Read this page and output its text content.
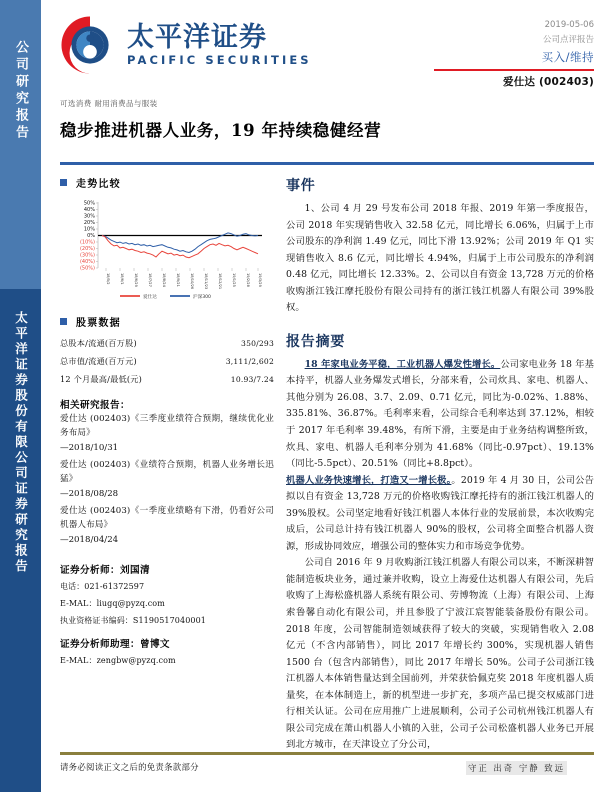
公司研究报告
太平洋证券股份有限公司证券研究报告
太平洋证券
PACIFIC SECURITIES
2019-05-06
公司点评报告
买入/维持
爱仕达 (002403)
可选消费 耐用消费品与服装
稳步推进机器人业务，19 年持续稳健经营
走势比较
50%
40%
30%
20%
10%
0%
(10%)
(20%)
(30%)
(40%)
(50%)
18/5/2	18/6/1	18/6/29	18/7/27	18/8/24	18/9/21	18/10/26	18/11/23	18/12/21	19/1/25	19/2/28 19/3/29
爱仕达	沪深300
股票数据
总股本/流通(百万股)	350/293
总市值/流通(百万元)	3,111/2,602
12 个月最高/最低(元)	10.93/7.24
相关研究报告：
爱仕达 (002403)《三季度业绩符合预期，继续优化业务布局》
—2018/10/31
爱仕达 (002403)《业绩符合预期，机器人业务增长迅猛》
—2018/08/28
爱仕达 (002403)《一季度业绩略有下滑，仍看好公司机器人布局》
—2018/04/24
证券分析师：刘国清
电话：021-61372597
E-MAL：liugq@pyzq.com
执业资格证书编码：S1190517040001
证券分析师助理：曾博文
E-MAL：zengbw@pyzq.com
事件
1、公司 4 月 29 号发布公司 2018 年报、2019 年第一季度报告，公司 2018 年实现销售收入 32.58 亿元，同比增长 6.06%，归属于上市公司股东的净利润 1.49 亿元，同比下滑 13.92%；公司 2019 年 Q1 实现销售收入 8.6 亿元，同比增长 4.94%，归属于上市公司股东的净利润 0.48 亿元，同比增长 12.33%。2、公司以自有资金 13,728 万元的价格收购浙江钱江摩托股份有限公司持有的浙江钱江机器人有限公司 39%股权。
报告摘要
18 年家电业务平稳，工业机器人爆发性增长。公司家电业务 18 年基本持平，机器人业务爆发式增长，分部来看，公司炊具、家电、机器人、其他分别为 26.08、3.7、2.09、0.71 亿元，同比为-0.02%、1.88%、335.81%、36.87%。毛利率来看，公司综合毛利率达到 37.12%，相较于 2017 年毛利率 39.48%，有所下滑，主要是由于业务结构调整所致，炊具、家电、机器人毛利率分别为 41.68%（同比-0.97pct）、19.13%（同比-5.5pct）、20.51%（同比+8.8pct）。
机器人业务快速增长，打造又一增长极。。2019 年 4 月 30 日，公司公告拟以自有资金 13,728 万元的价格收购钱江摩托持有的浙江钱江机器人的 39%股权。公司坚定地看好钱江机器人本体行业的发展前景，本次收购完成后，公司总计持有钱江机器人 90%的股权，公司将全面整合机器人资源，形成协同效应，增强公司的整体实力和市场竞争优势。
公司自 2016 年 9 月收购浙江钱江机器人有限公司以来，不断深耕智能制造板块业务，通过兼并收购，设立上海爱仕达机器人有限公司，先后收购了上海松盛机器人系统有限公司、劳博物流（上海）有限公司、上海索鲁馨自动化有限公司，并且参股了宁波江宸智能装备股份有限公司。2018 年度，公司智能制造领域获得了较大的突破，实现销售收入 2.08 亿元（不含内部销售），同比 2017 年增长约 300%，实现机器人销售 1500 台（包含内部销售），同比 2017 年增长 50%。公司子公司浙江钱江机器人本体销售量达到全国前列，并荣获恰佩克奖 2018 年度机器人质量奖，在本体制造上，新的机型进一步扩充，多项产品已提交权威部门进行相关认证。公司在应用推广上进展顺利，公司子公司杭州钱江机器人有限公司完成在萧山机器人小镇的入驻，公司子公司松盛机器人业务已开展到北方城市，在天津设立了分公司，
请务必阅读正文之后的免责条款部分	守正 出奇 宁静 致远
